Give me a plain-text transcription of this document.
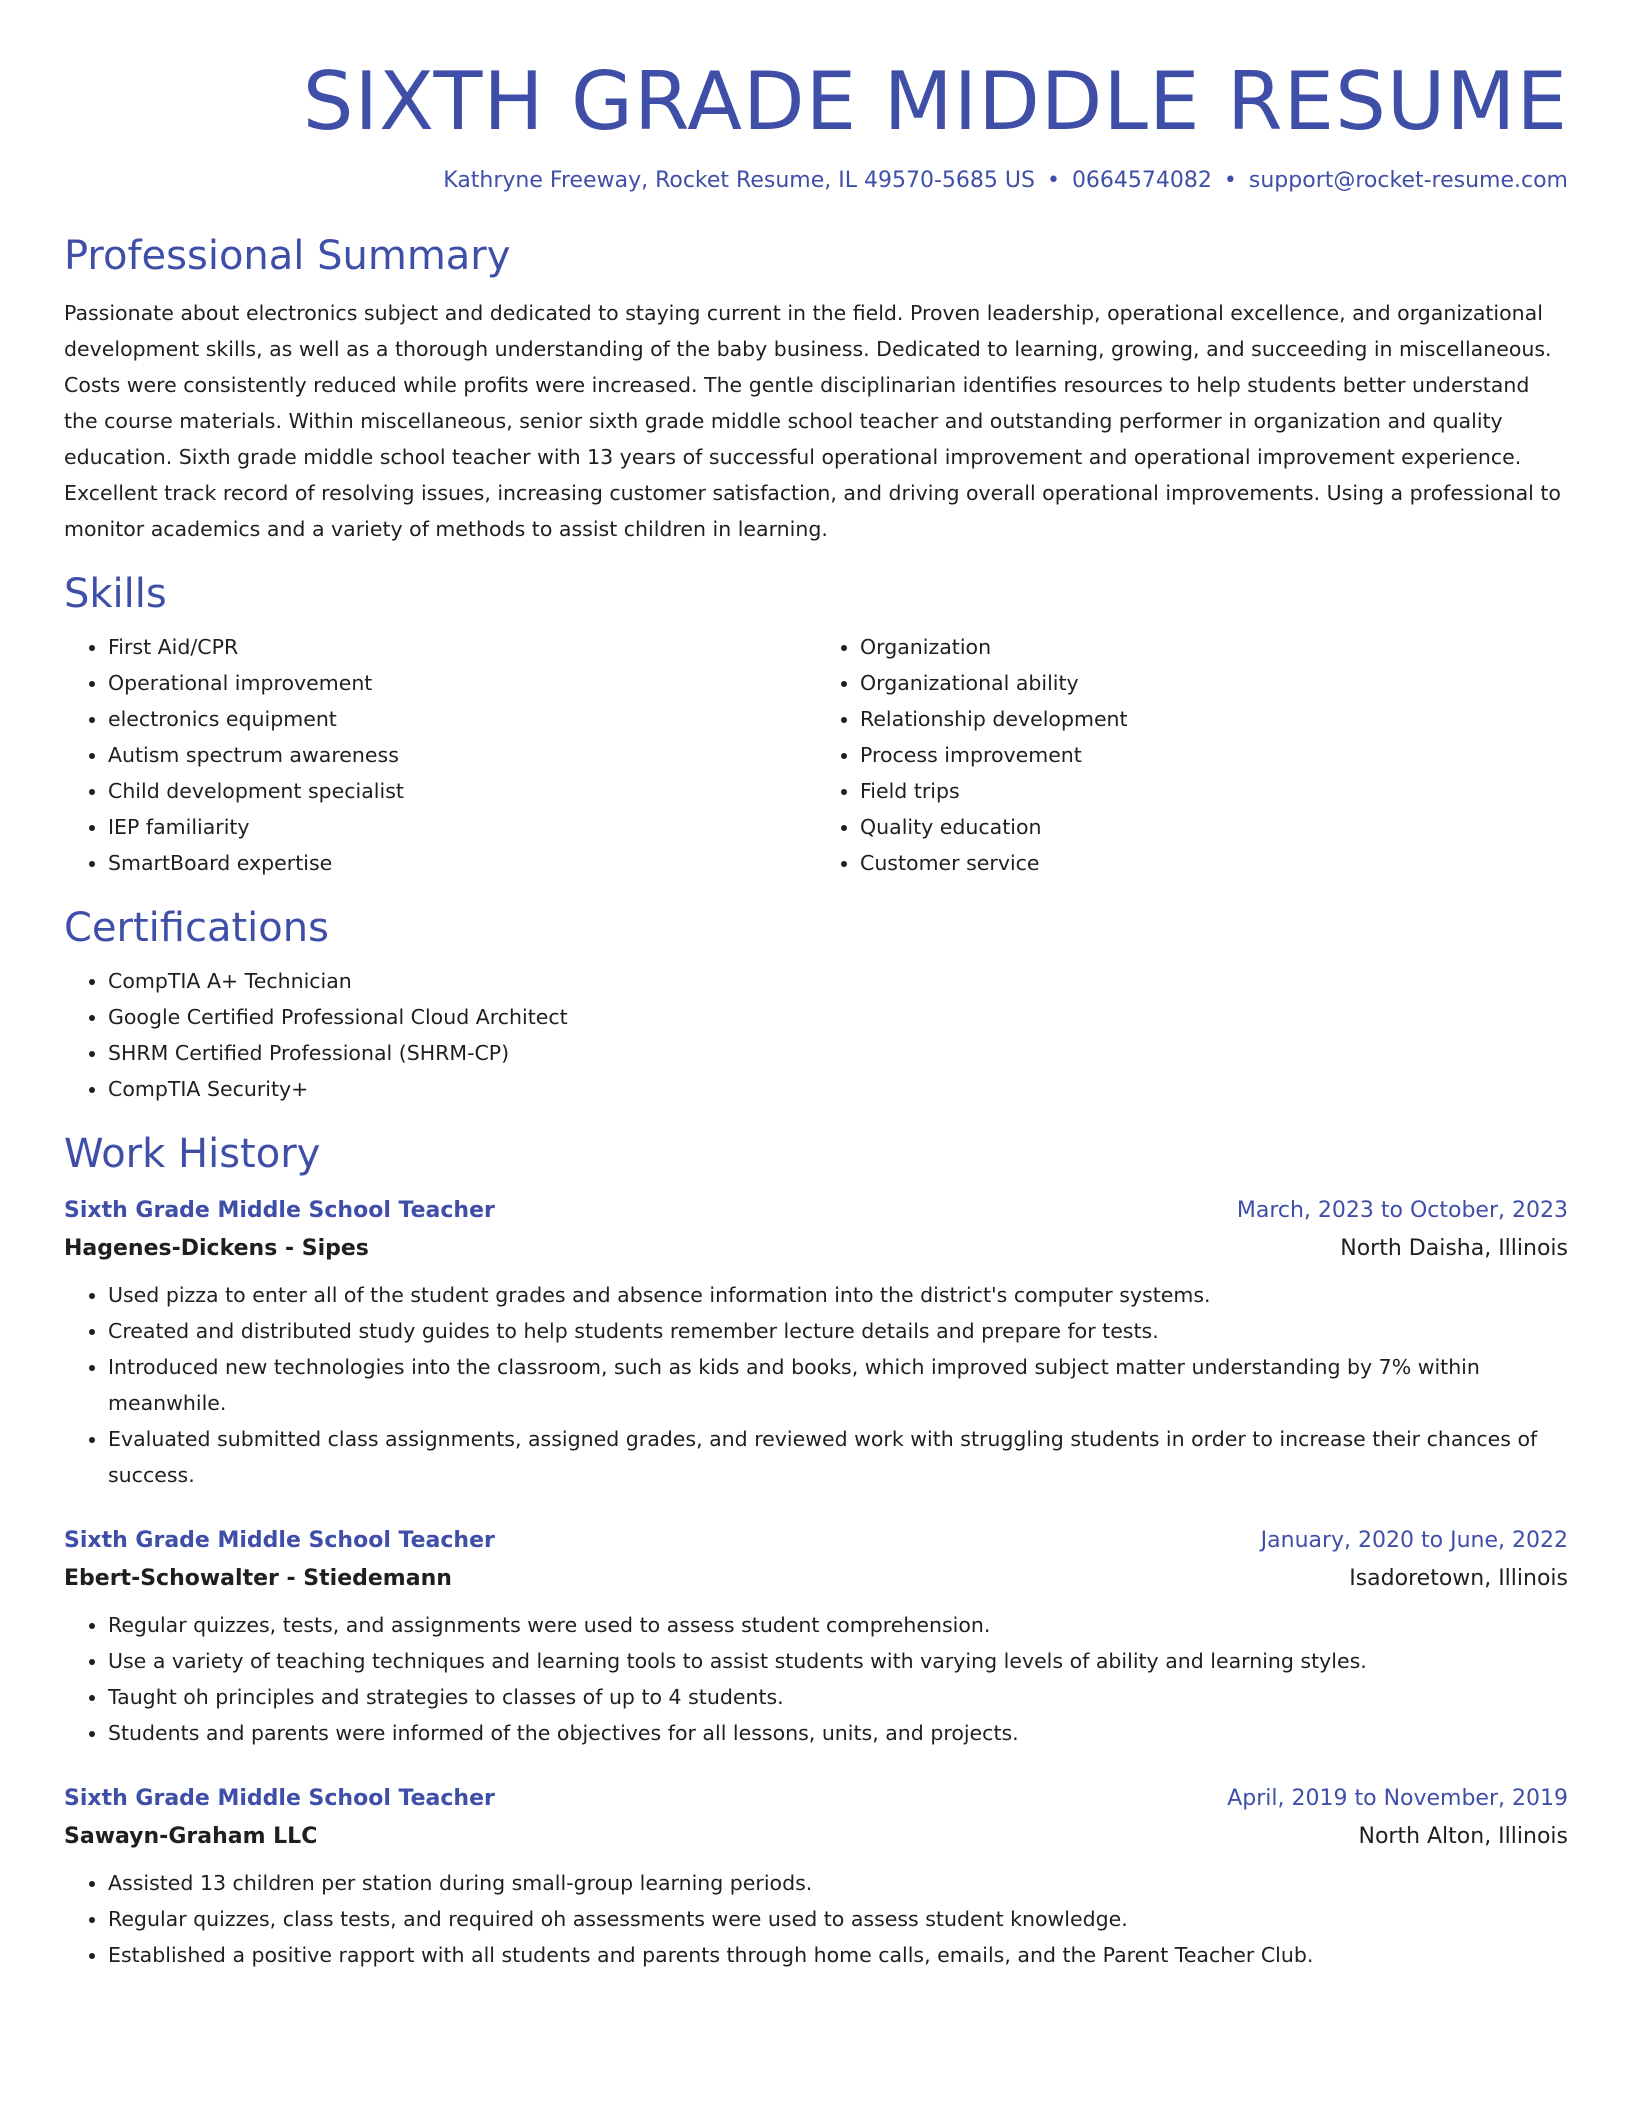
SIXTH GRADE MIDDLE RESUME
Kathryne Freeway, Rocket Resume, IL 49570-5685 US • 0664574082 • support@rocket-resume.com
Professional Summary

Passionate about electronics subject and dedicated to staying current in the field. Proven leadership, operational excellence, and organizational development skills, as well as a thorough understanding of the baby business. Dedicated to learning, growing, and succeeding in miscellaneous. Costs were consistently reduced while profits were increased. The gentle disciplinarian identifies resources to help students better understand the course materials. Within miscellaneous, senior sixth grade middle school teacher and outstanding performer in organization and quality education. Sixth grade middle school teacher with 13 years of successful operational improvement and operational improvement experience. Excellent track record of resolving issues, increasing customer satisfaction, and driving overall operational improvements. Using a professional to monitor academics and a variety of methods to assist children in learning.

Skills
• First Aid/CPR
• Operational improvement
• electronics equipment
• Autism spectrum awareness
• Child development specialist
• IEP familiarity
• SmartBoard expertise
• Organization
• Organizational ability
• Relationship development
• Process improvement
• Field trips
• Quality education
• Customer service
Certifications
• CompTIA A+ Technician
• Google Certified Professional Cloud Architect
• SHRM Certified Professional (SHRM-CP)
• CompTIA Security+
Work History
Sixth Grade Middle School Teacher	March, 2023 to October, 2023
Hagenes-Dickens - Sipes	North Daisha, Illinois
• Used pizza to enter all of the student grades and absence information into the district's computer systems.
• Created and distributed study guides to help students remember lecture details and prepare for tests.
• Introduced new technologies into the classroom, such as kids and books, which improved subject matter understanding by 7% within meanwhile.
• Evaluated submitted class assignments, assigned grades, and reviewed work with struggling students in order to increase their chances of success.
Sixth Grade Middle School Teacher	January, 2020 to June, 2022
Ebert-Schowalter - Stiedemann	Isadoretown, Illinois
• Regular quizzes, tests, and assignments were used to assess student comprehension.
• Use a variety of teaching techniques and learning tools to assist students with varying levels of ability and learning styles.
• Taught oh principles and strategies to classes of up to 4 students.
• Students and parents were informed of the objectives for all lessons, units, and projects.
Sixth Grade Middle School Teacher	April, 2019 to November, 2019
Sawayn-Graham LLC	North Alton, Illinois
• Assisted 13 children per station during small-group learning periods.
• Regular quizzes, class tests, and required oh assessments were used to assess student knowledge.
• Established a positive rapport with all students and parents through home calls, emails, and the Parent Teacher Club.
